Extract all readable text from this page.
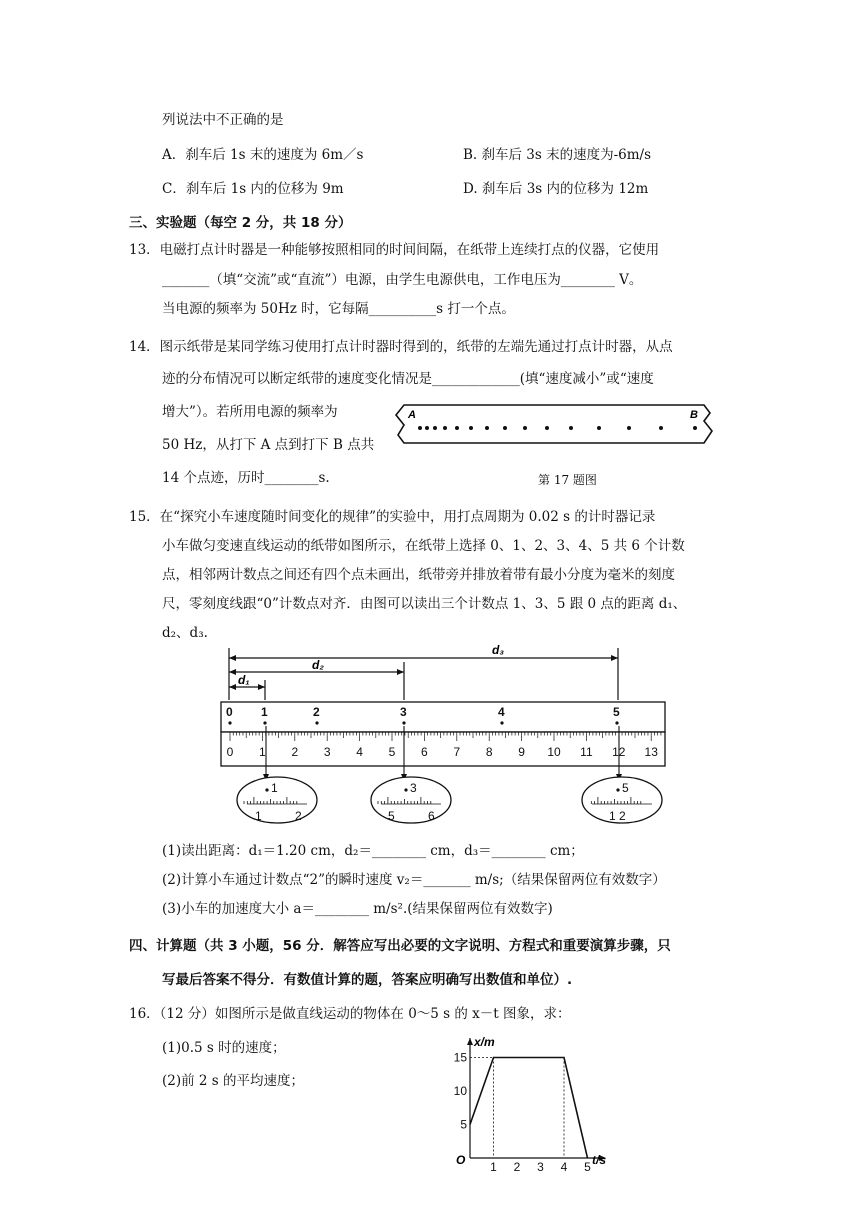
列说法中不正确的是
A．刹车后 1s 末的速度为 6m／s	B. 刹车后 3s 末的速度为-6m/s
C．刹车后 1s 内的位移为 9m	D. 刹车后 3s 内的位移为 12m
三、实验题（每空 2 分，共 18 分）
13．电磁打点计时器是一种能够按照相同的时间间隔，在纸带上连续打点的仪器，它使用
_______（填“交流”或“直流”）电源，由学生电源供电，工作电压为________ V。
当电源的频率为 50Hz 时，它每隔__________s 打一个点。
14．图示纸带是某同学练习使用打点计时器时得到的，纸带的左端先通过打点计时器，从点
迹的分布情况可以断定纸带的速度变化情况是_____________(填“速度减小”或“速度
增大”）。若所用电源的频率为
50 Hz，从打下 A 点到打下 B 点共
14 个点迹，历时________s.
A	B
第 17 题图
15．在“探究小车速度随时间变化的规律”的实验中，用打点周期为 0.02 s 的计时器记录
小车做匀变速直线运动的纸带如图所示，在纸带上选择 0、1、2、3、4、5 共 6 个计数
点，相邻两计数点之间还有四个点未画出，纸带旁并排放着带有最小分度为毫米的刻度
尺，零刻度线跟“0”计数点对齐．由图可以读出三个计数点 1、3、5 跟 0 点的距离 d₁、
d₂、d₃.
d₃
d₂
d₁
0 1 2 3 4 5 6 7 8 9 10 11 12 13
0 1	2	3	4	5
1
1	2
3
5	6
5
1 2
(1)读出距离：d₁＝1.20 cm，d₂＝________ cm，d₃＝________ cm；
(2)计算小车通过计数点“2”的瞬时速度 v₂＝_______ m/s;（结果保留两位有效数字）
(3)小车的加速度大小 a＝________ m/s².(结果保留两位有效数字)
四、计算题（共 3 小题，56 分．解答应写出必要的文字说明、方程式和重要演算步骤，只
写最后答案不得分．有数值计算的题，答案应明确写出数值和单位）.
16．（12 分）如图所示是做直线运动的物体在 0～5 s 的 x－t 图象，求：
(1)0.5 s 时的速度；
(2)前 2 s 的平均速度；
x/m
t/s
O 1 2 3 4 5
5
10
15
